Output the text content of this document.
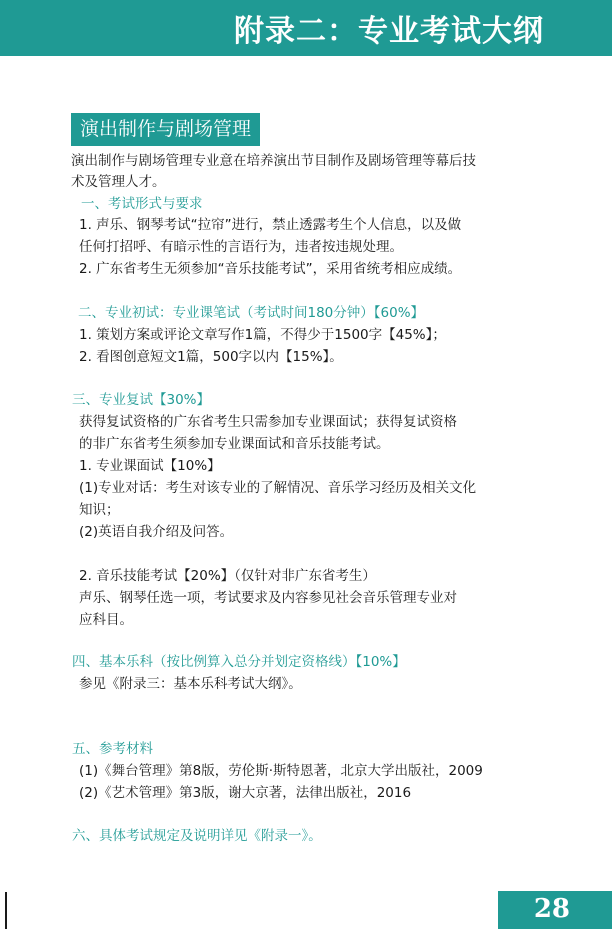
附录二：专业考试大纲
演出制作与剧场管理
演出制作与剧场管理专业意在培养演出节目制作及剧场管理等幕后技
术及管理人才。
一、考试形式与要求
1. 声乐、钢琴考试“拉帘”进行，禁止透露考生个人信息，以及做
任何打招呼、有暗示性的言语行为，违者按违规处理。
2. 广东省考生无须参加“音乐技能考试”，采用省统考相应成绩。
二、专业初试：专业课笔试（考试时间180分钟）【60%】
1. 策划方案或评论文章写作1篇，不得少于1500字【45%】；
2. 看图创意短文1篇，500字以内【15%】。
三、专业复试【30%】
获得复试资格的广东省考生只需参加专业课面试；获得复试资格
的非广东省考生须参加专业课面试和音乐技能考试。
1. 专业课面试【10%】
(1)专业对话：考生对该专业的了解情况、音乐学习经历及相关文化
知识；
(2)英语自我介绍及问答。
2. 音乐技能考试【20%】（仅针对非广东省考生）
声乐、钢琴任选一项，考试要求及内容参见社会音乐管理专业对
应科目。
四、基本乐科（按比例算入总分并划定资格线）【10%】
参见《附录三：基本乐科考试大纲》。
五、参考材料
(1)《舞台管理》第8版，劳伦斯·斯特恩著，北京大学出版社，2009
(2)《艺术管理》第3版，谢大京著，法律出版社，2016
六、具体考试规定及说明详见《附录一》。
28
